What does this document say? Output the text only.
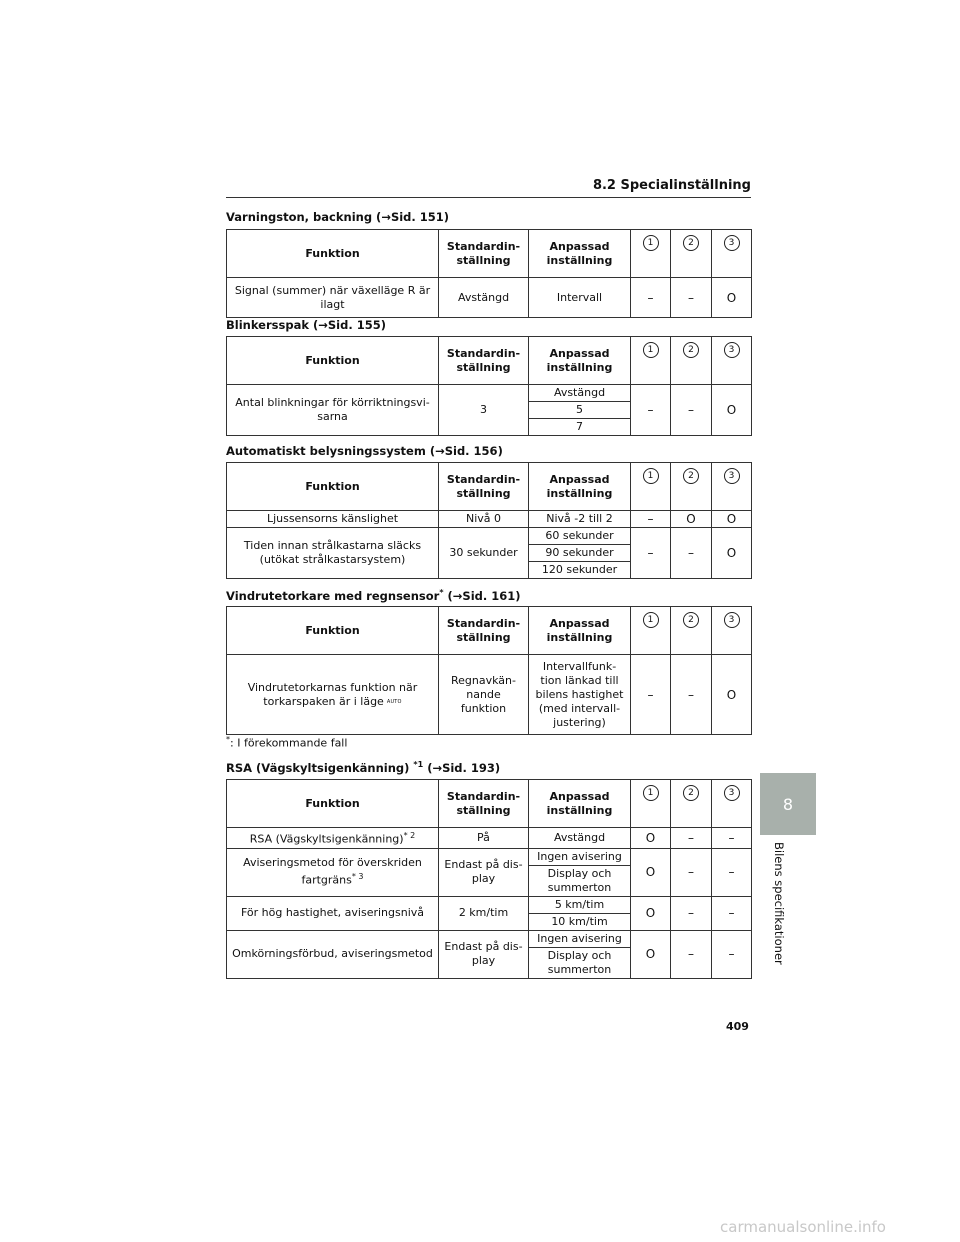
8.2 Specialinställning
Varningston, backning (→Sid. 151)
Funktion	Standardin- ställning	Anpassad inställning	1	2	3
Signal (summer) när växelläge R är ilagt	Avstängd	Intervall	–	–	O
Blinkersspak (→Sid. 155)
Funktion	Standardin- ställning	Anpassad inställning	1	2	3
Antal blinkningar för körriktningsvi- sarna	3	Avstängd	–	–	O
		5			
		7			
Automatiskt belysningssystem (→Sid. 156)
Funktion	Standardin- ställning	Anpassad inställning	1	2	3
Ljussensorns känslighet	Nivå 0	Nivå -2 till 2	–	O	O
Tiden innan strålkastarna släcks (utökat strålkastarsystem)	30 sekunder	60 sekunder	–	–	O
		90 sekunder			
		120 sekunder			
Vindrutetorkare med regnsensor* (→Sid. 161)
Funktion	Standardin- ställning	Anpassad inställning	1	2	3
Vindrutetorkarnas funktion när torkarspaken är i läge AUTO	Regnavkän- nande funktion	Intervallfunk- tion länkad till bilens hastighet (med intervall- justering)	–	–	O
*: I förekommande fall
RSA (Vägskyltsigenkänning) $^{*1}$ (→Sid. 193)
Funktion	Standardin- ställning	Anpassad inställning	1	2	3
RSA (Vägskyltsigenkänning)$^{* 2}$	På	Avstängd	O	–	–
Aviseringsmetod för överskriden fartgräns$^{* 3}$	Endast på dis- play	Ingen avisering	O	–	–
		Display och summerton			
För hög hastighet, aviseringsnivå	2 km/tim	5 km/tim	O	–	–
		10 km/tim			
Omkörningsförbud, aviseringsmetod	Endast på dis- play	Ingen avisering	O	–	–
		Display och summerton			
8
Bilens specifikationer
409
carmanualsonline.info
